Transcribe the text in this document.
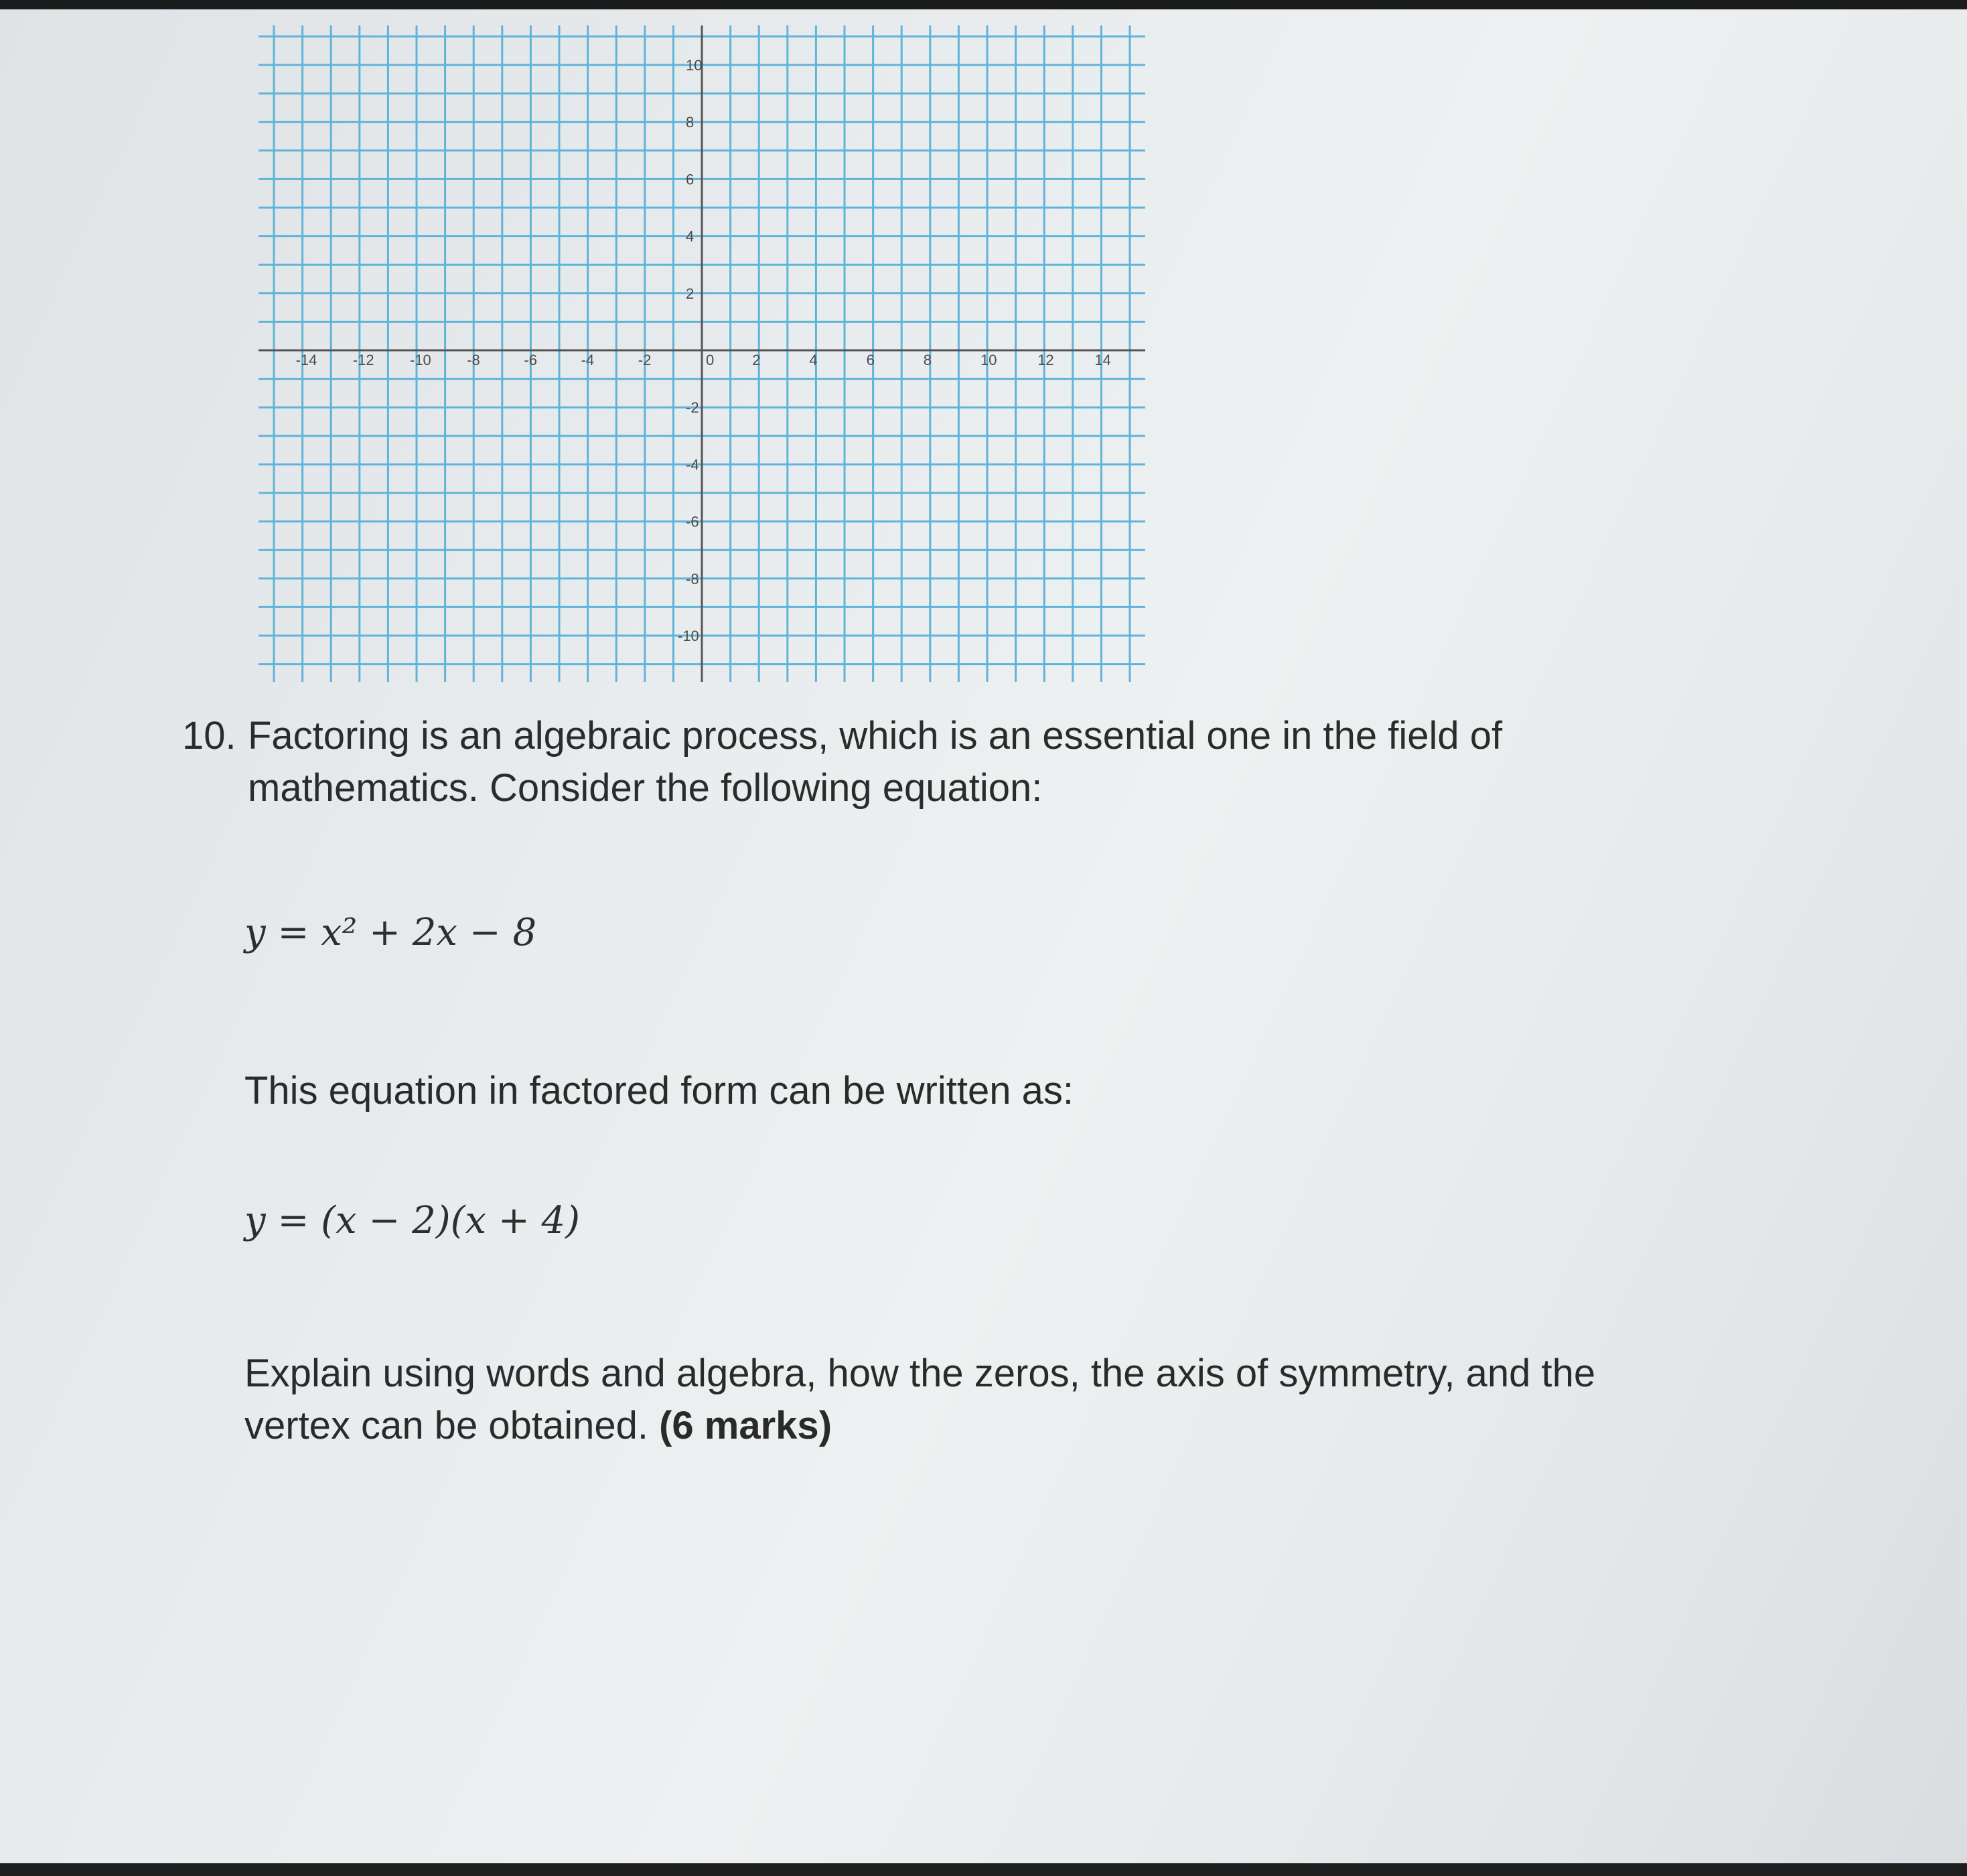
-14 -12 -10 -8	-6	-4	-2	2	4	6	8	10	12	14
0
10
8
6
4
2
-2
-4
-6
-8
-10
10. Factoring is an algebraic process, which is an essential one in the field of
mathematics. Consider the following equation:
y = x² + 2x − 8
This equation in factored form can be written as:
y = (x − 2)(x + 4)
Explain using words and algebra, how the zeros, the axis of symmetry, and the
vertex can be obtained. (6 marks)
